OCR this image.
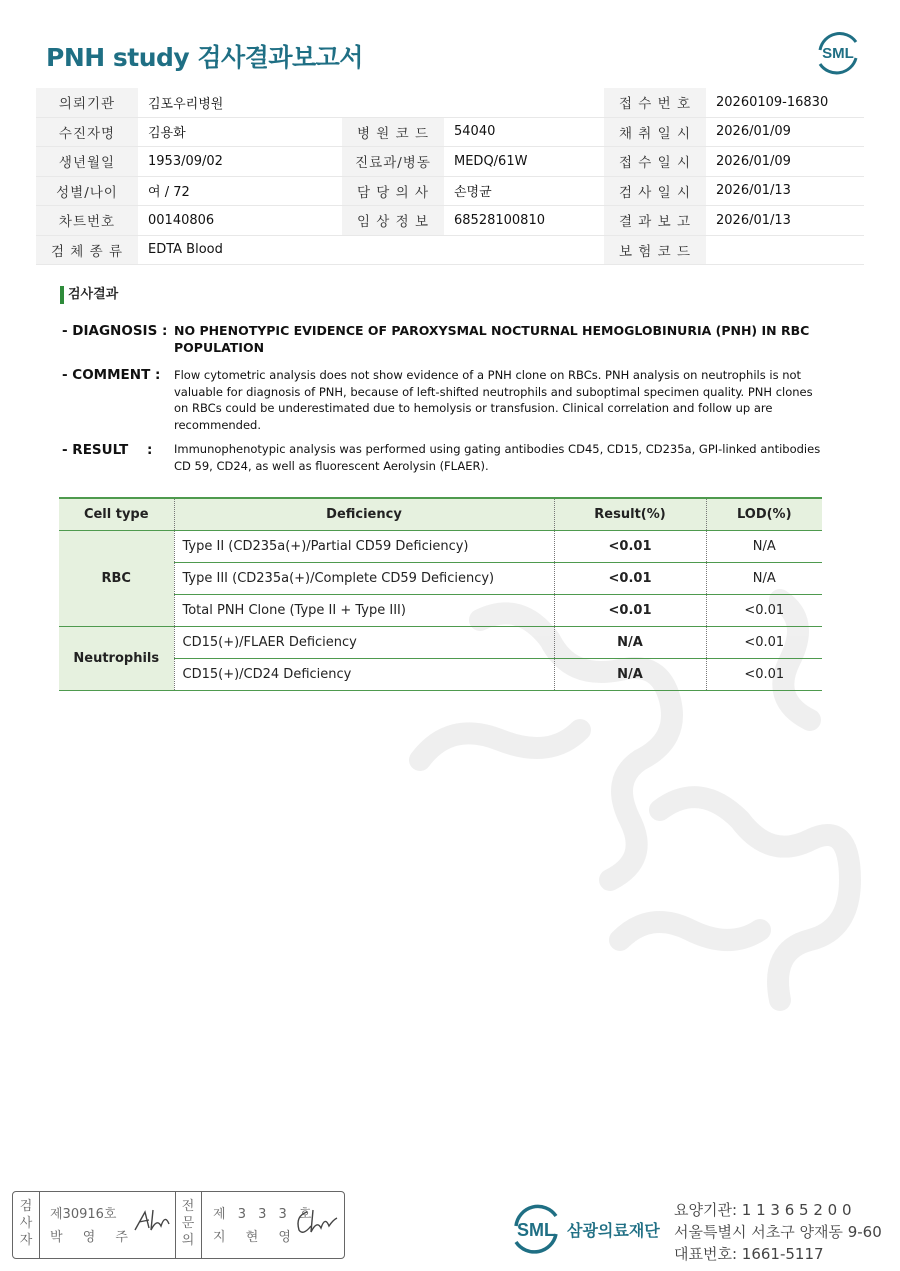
PNH study 검사결과보고서	SML
의뢰기관	김포우리병원			접 수 번 호	20260109-16830
수진자명	김용화	병 원 코 드	54040	채 취 일 시	2026/01/09
생년월일	1953/09/02	진료과/병동	MEDQ/61W	접 수 일 시	2026/01/09
성별/나이	여 / 72	담 당 의 사	손명균	검 사 일 시	2026/01/13
차트번호	00140806	임 상 정 보	68528100810	결 과 보 고	2026/01/13
검 체 종 류	EDTA Blood			보 험 코 드	
검사결과
- DIAGNOSIS : NO PHENOTYPIC EVIDENCE OF PAROXYSMAL NOCTURNAL HEMOGLOBINURIA (PNH) IN RBC POPULATION
- COMMENT : Flow cytometric analysis does not show evidence of a PNH clone on RBCs. PNH analysis on neutrophils is not valuable for diagnosis of PNH, because of left-shifted neutrophils and suboptimal specimen quality. PNH clones on RBCs could be underestimated due to hemolysis or transfusion. Clinical correlation and follow up are recommended.
- RESULT : Immunophenotypic analysis was performed using gating antibodies CD45, CD15, CD235a, GPI-linked antibodies CD 59, CD24, as well as fluorescent Aerolysin (FLAER).
Cell type	Deficiency	Result(%)	LOD(%)
RBC	Type II (CD235a(+)/Partial CD59 Deficiency)	<0.01	N/A
	Type III (CD235a(+)/Complete CD59 Deficiency)	<0.01	N/A
	Total PNH Clone (Type II + Type III)	<0.01	<0.01
Neutrophils	CD15(+)/FLAER Deficiency	N/A	<0.01
	CD15(+)/CD24 Deficiency	N/A	<0.01
검사자
제30916호
박 영 주
전문의
제 3 3 3 호
지 현 영	SML 삼광의료재단
요양기관: 1 1 3 6 5 2 0 0
서울특별시 서초구 양재동 9-60
대표번호: 1661-5117
